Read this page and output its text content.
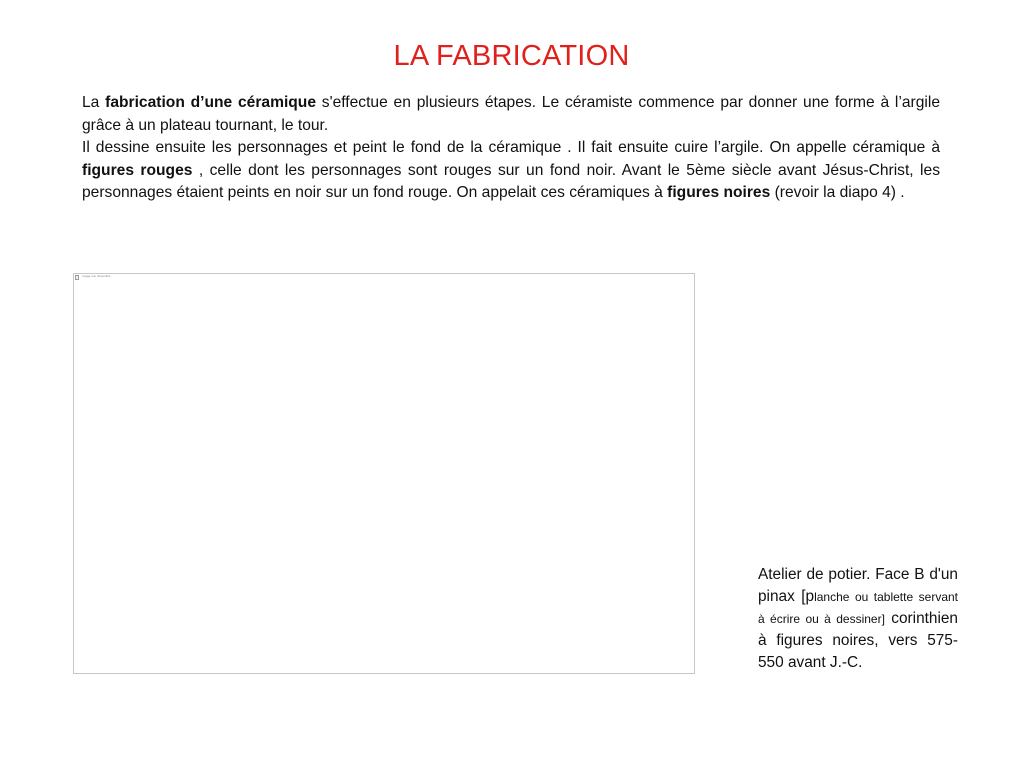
LA FABRICATION

La fabrication d’une céramique s'effectue en plusieurs étapes. Le céramiste commence par donner une forme à l’argile grâce à un plateau tournant, le tour.

Il dessine ensuite les personnages et peint le fond de la céramique . Il fait ensuite cuire l’argile. On appelle céramique à figures rouges , celle dont les personnages sont rouges sur un fond noir. Avant le 5ème siècle avant Jésus-Christ, les personnages étaient peints en noir sur un fond rouge. On appelait ces céramiques à figures noires (revoir la diapo 4) .

Image non disponible
Atelier de potier. Face B d'un pinax [planche ou tablette servant à écrire ou à dessiner] corinthien à figures noires, vers 575-550 avant J.-C.
